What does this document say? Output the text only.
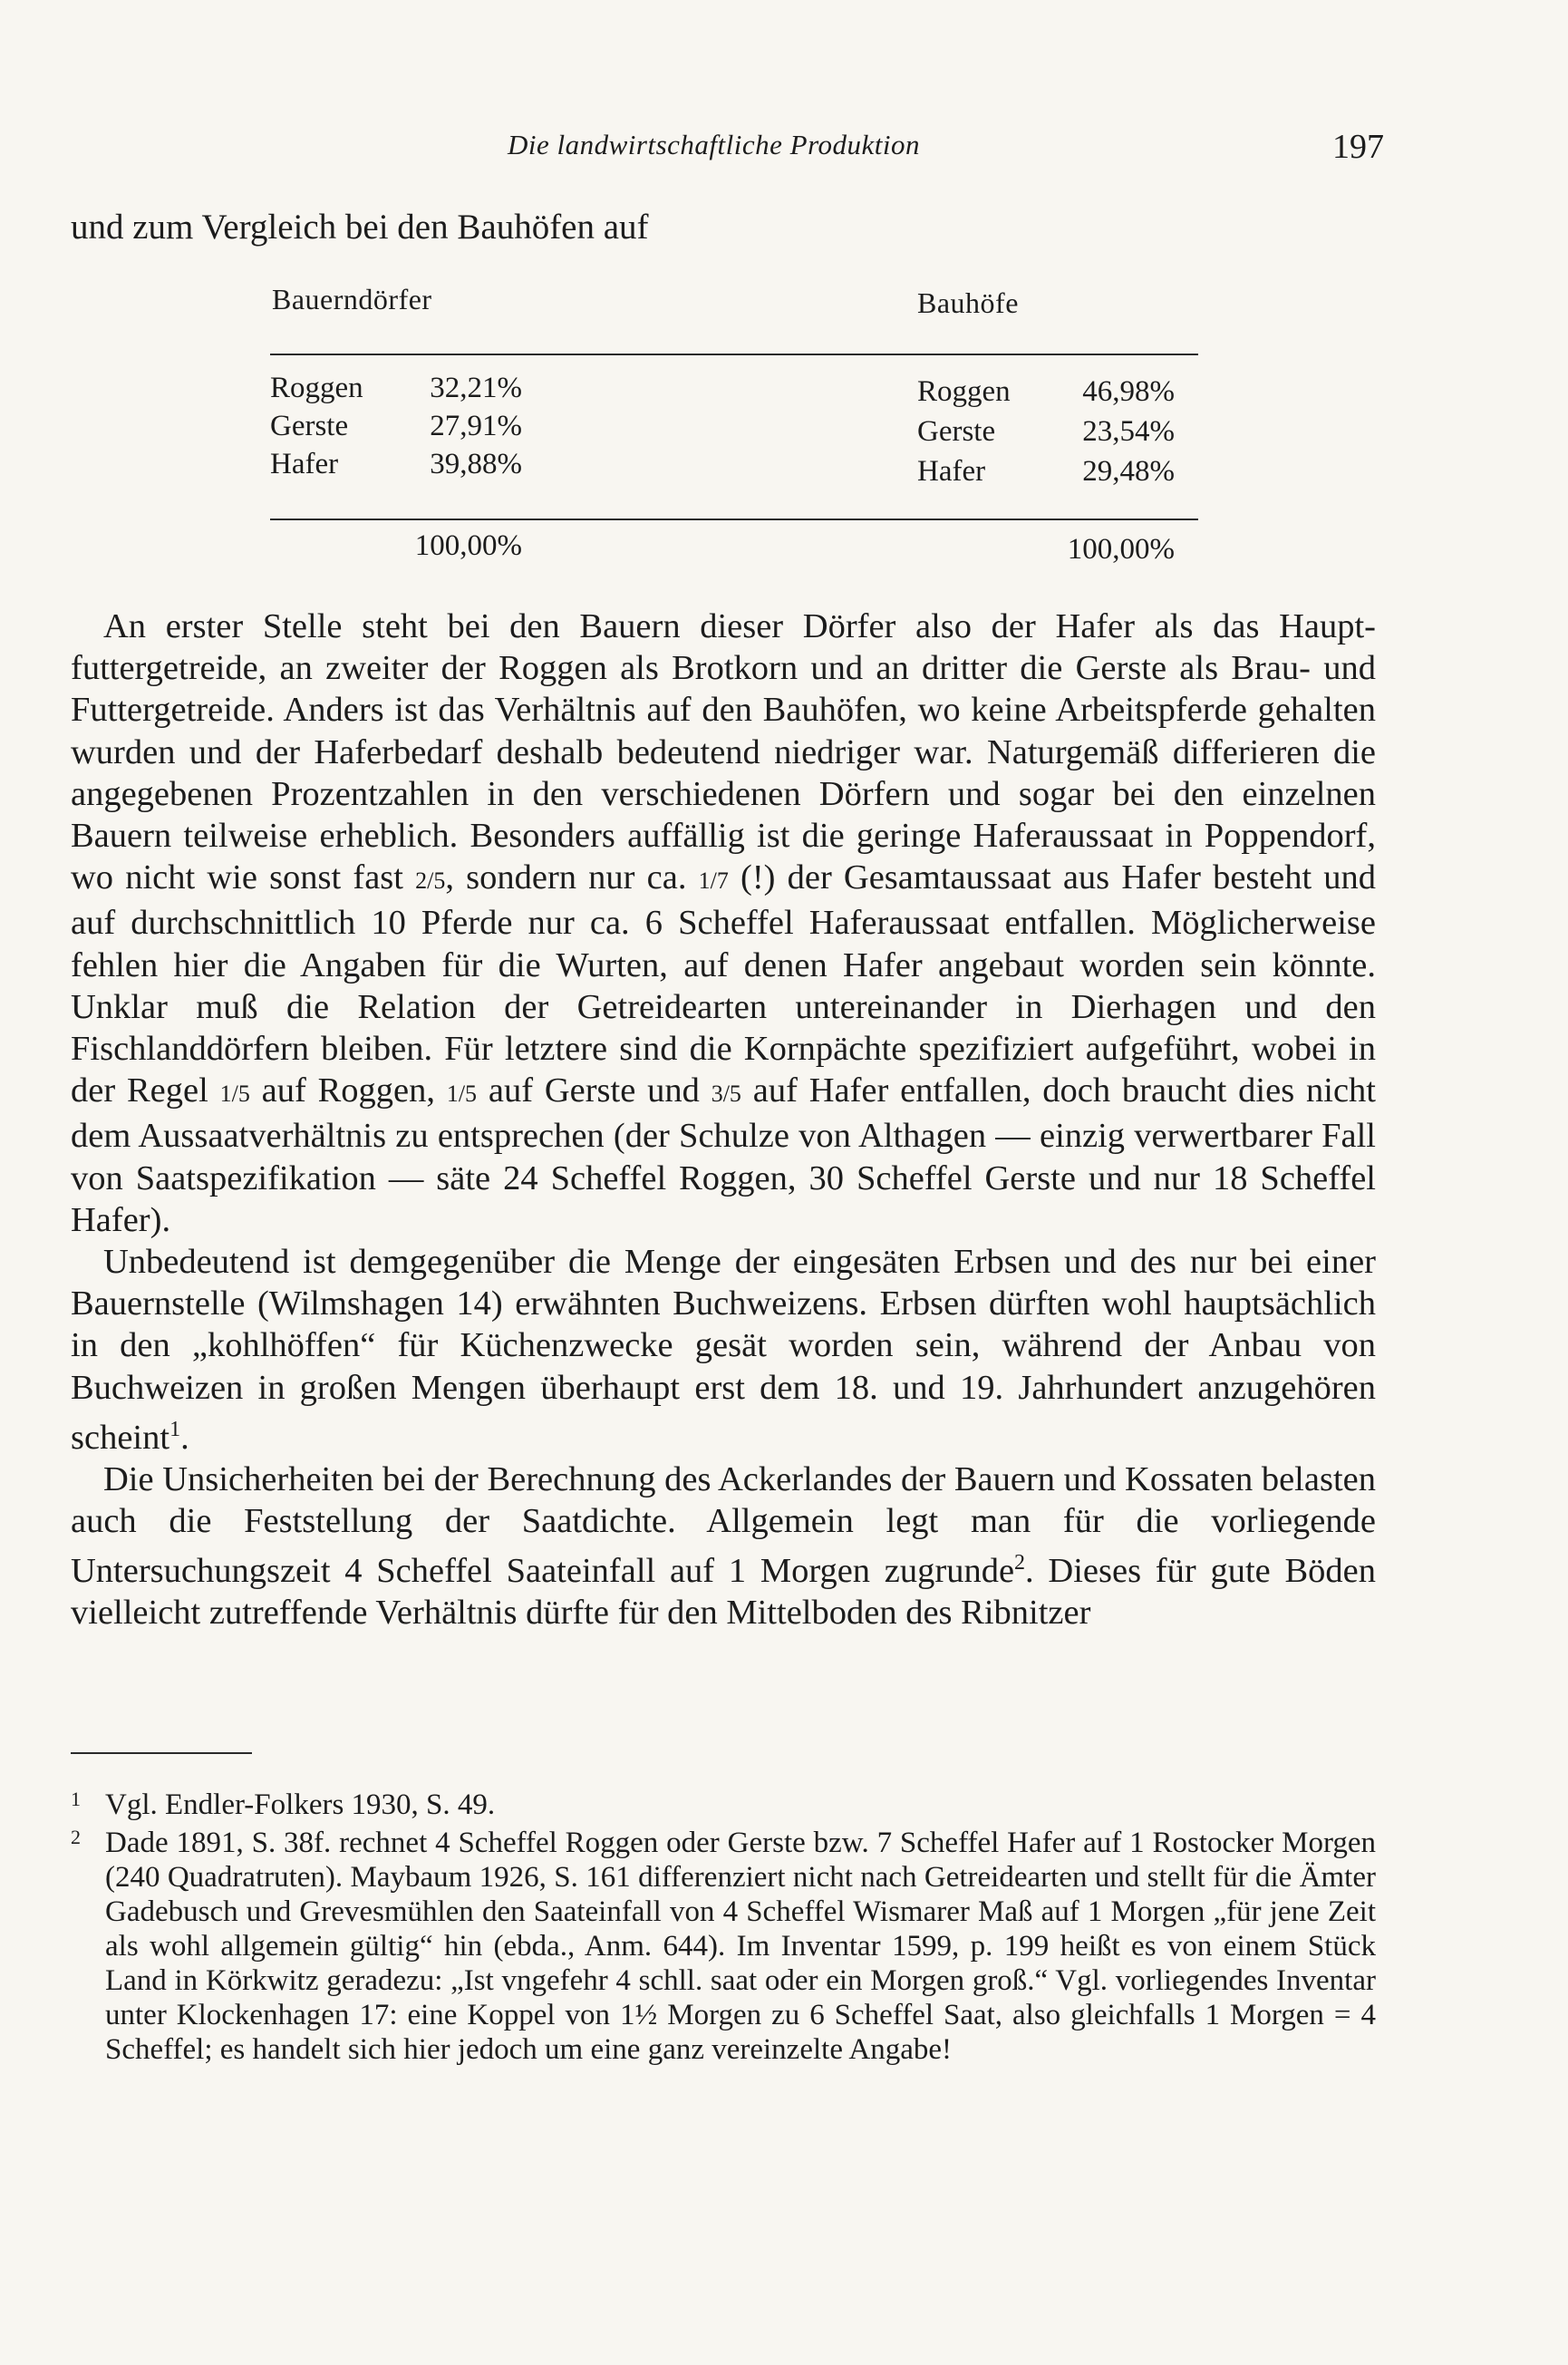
Die landwirtschaftliche Produktion	197
und zum Vergleich bei den Bauhöfen auf
Bauerndörfer	Bauhöfe
Roggen	32,21%
Gerste	27,91%
Hafer	39,88%
Roggen	46,98%
Gerste	23,54%
Hafer	29,48%
100,00%	100,00%

An erster Stelle steht bei den Bauern dieser Dörfer also der Hafer als das Hauptfuttergetreide, an zweiter der Roggen als Brotkorn und an dritter die Gerste als Brau- und Futtergetreide. Anders ist das Verhältnis auf den Bauhöfen, wo keine Arbeitspferde gehalten wurden und der Haferbedarf deshalb bedeutend niedriger war. Naturgemäß differieren die angegebenen Prozentzahlen in den verschiedenen Dörfern und sogar bei den einzelnen Bauern teilweise erheblich. Besonders auffällig ist die geringe Haferaussaat in Poppendorf, wo nicht wie sonst fast 2/5, sondern nur ca. 1/7 (!) der Gesamtaussaat aus Hafer besteht und auf durchschnittlich 10 Pferde nur ca. 6 Scheffel Haferaussaat entfallen. Möglicherweise fehlen hier die Angaben für die Wurten, auf denen Hafer angebaut worden sein könnte. Unklar muß die Relation der Getreidearten untereinander in Dierhagen und den Fischlanddörfern bleiben. Für letztere sind die Kornpächte spezifiziert aufgeführt, wobei in der Regel 1/5 auf Roggen, 1/5 auf Gerste und 3/5 auf Hafer entfallen, doch braucht dies nicht dem Aussaatverhältnis zu entsprechen (der Schulze von Althagen — einzig verwertbarer Fall von Saatspezifikation — säte 24 Scheffel Roggen, 30 Scheffel Gerste und nur 18 Scheffel Hafer).

Unbedeutend ist demgegenüber die Menge der eingesäten Erbsen und des nur bei einer Bauernstelle (Wilmshagen 14) erwähnten Buchweizens. Erbsen dürften wohl hauptsächlich in den „kohlhöffen“ für Küchenzwecke gesät worden sein, während der Anbau von Buchweizen in großen Mengen überhaupt erst dem 18. und 19. Jahrhundert anzugehören scheint$^1$.

Die Unsicherheiten bei der Berechnung des Ackerlandes der Bauern und Kossaten belasten auch die Feststellung der Saatdichte. Allgemein legt man für die vorliegende Untersuchungszeit 4 Scheffel Saateinfall auf 1 Morgen zugrunde$^2$. Dieses für gute Böden vielleicht zutreffende Verhältnis dürfte für den Mittelboden des Ribnitzer

1 Vgl. Endler-Folkers 1930, S. 49.
2 Dade 1891, S. 38f. rechnet 4 Scheffel Roggen oder Gerste bzw. 7 Scheffel Hafer auf 1 Rostocker Morgen (240 Quadratruten). Maybaum 1926, S. 161 differenziert nicht nach Getreidearten und stellt für die Ämter Gadebusch und Grevesmühlen den Saateinfall von 4 Scheffel Wismarer Maß auf 1 Morgen „für jene Zeit als wohl allgemein gültig“ hin (ebda., Anm. 644). Im Inventar 1599, p. 199 heißt es von einem Stück Land in Körkwitz geradezu: „Ist vngefehr 4 schll. saat oder ein Morgen groß.“ Vgl. vorliegendes Inventar unter Klockenhagen 17: eine Koppel von 1½ Morgen zu 6 Scheffel Saat, also gleichfalls 1 Morgen = 4 Scheffel; es handelt sich hier jedoch um eine ganz vereinzelte Angabe!
